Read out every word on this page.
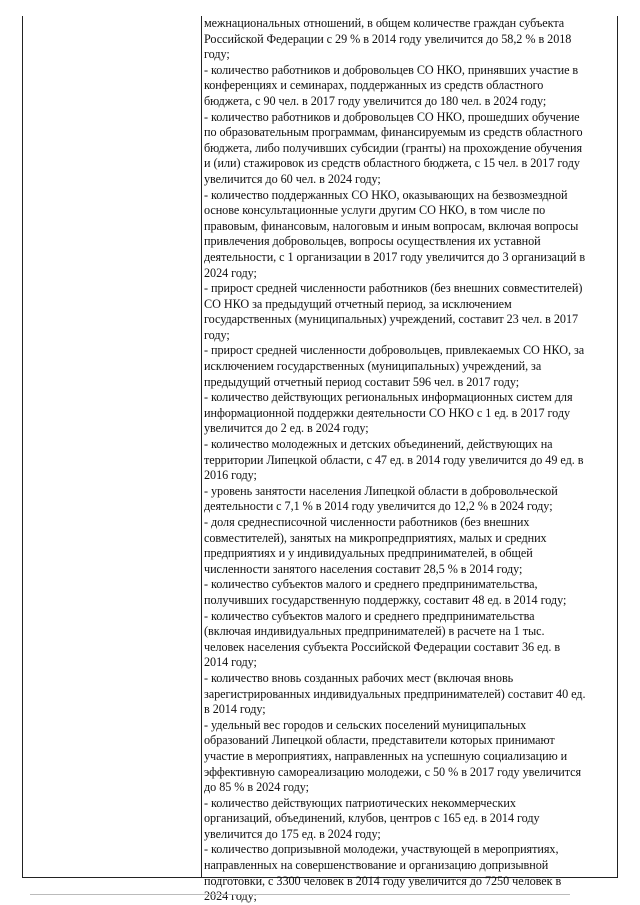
межнациональных отношений, в общем количестве граждан субъекта

Российской Федерации с 29 % в 2014 году увеличится до 58,2 % в 2018

году;

- количество работников и добровольцев СО НКО, принявших участие в

конференциях и семинарах, поддержанных из средств областного

бюджета, с 90 чел. в 2017 году увеличится до 180 чел. в 2024 году;

- количество работников и добровольцев СО НКО, прошедших обучение

по образовательным программам, финансируемым из средств областного

бюджета, либо получивших субсидии (гранты) на прохождение обучения

и (или) стажировок из средств областного бюджета, с 15 чел. в 2017 году

увеличится до 60 чел. в 2024 году;

- количество поддержанных СО НКО, оказывающих на безвозмездной

основе консультационные услуги другим СО НКО, в том числе по

правовым, финансовым, налоговым и иным вопросам, включая вопросы

привлечения добровольцев, вопросы осуществления их уставной

деятельности, с 1 организации в 2017 году увеличится до 3 организаций в

2024 году;

- прирост средней численности работников (без внешних совместителей)

СО НКО за предыдущий отчетный период, за исключением

государственных (муниципальных) учреждений, составит 23 чел. в 2017

году;

- прирост средней численности добровольцев, привлекаемых СО НКО, за

исключением государственных (муниципальных) учреждений, за

предыдущий отчетный период составит 596 чел. в 2017 году;

- количество действующих региональных информационных систем для

информационной поддержки деятельности СО НКО с 1 ед. в 2017 году

увеличится до 2 ед. в 2024 году;

- количество молодежных и детских объединений, действующих на

территории Липецкой области, с 47 ед. в 2014 году увеличится до 49 ед. в

2016 году;

- уровень занятости населения Липецкой области в добровольческой

деятельности с 7,1 % в 2014 году увеличится до 12,2 % в 2024 году;

- доля среднесписочной численности работников (без внешних

совместителей), занятых на микропредприятиях, малых и средних

предприятиях и у индивидуальных предпринимателей, в общей

численности занятого населения составит 28,5 % в 2014 году;

- количество субъектов малого и среднего предпринимательства,

получивших государственную поддержку, составит 48 ед. в 2014 году;

- количество субъектов малого и среднего предпринимательства

(включая индивидуальных предпринимателей) в расчете на 1 тыс.

человек населения субъекта Российской Федерации составит 36 ед. в

2014 году;

- количество вновь созданных рабочих мест (включая вновь

зарегистрированных индивидуальных предпринимателей) составит 40 ед.

в 2014 году;

- удельный вес городов и сельских поселений муниципальных

образований Липецкой области, представители которых принимают

участие в мероприятиях, направленных на успешную социализацию и

эффективную самореализацию молодежи, с 50 % в 2017 году увеличится

до 85 % в 2024 году;

- количество действующих патриотических некоммерческих

организаций, объединений, клубов, центров с 165 ед. в 2014 году

увеличится до 175 ед. в 2024 году;

- количество допризывной молодежи, участвующей в мероприятиях,

направленных на совершенствование и организацию допризывной

подготовки, с 3300 человек в 2014 году увеличится до 7250 человек в

2024 году;
